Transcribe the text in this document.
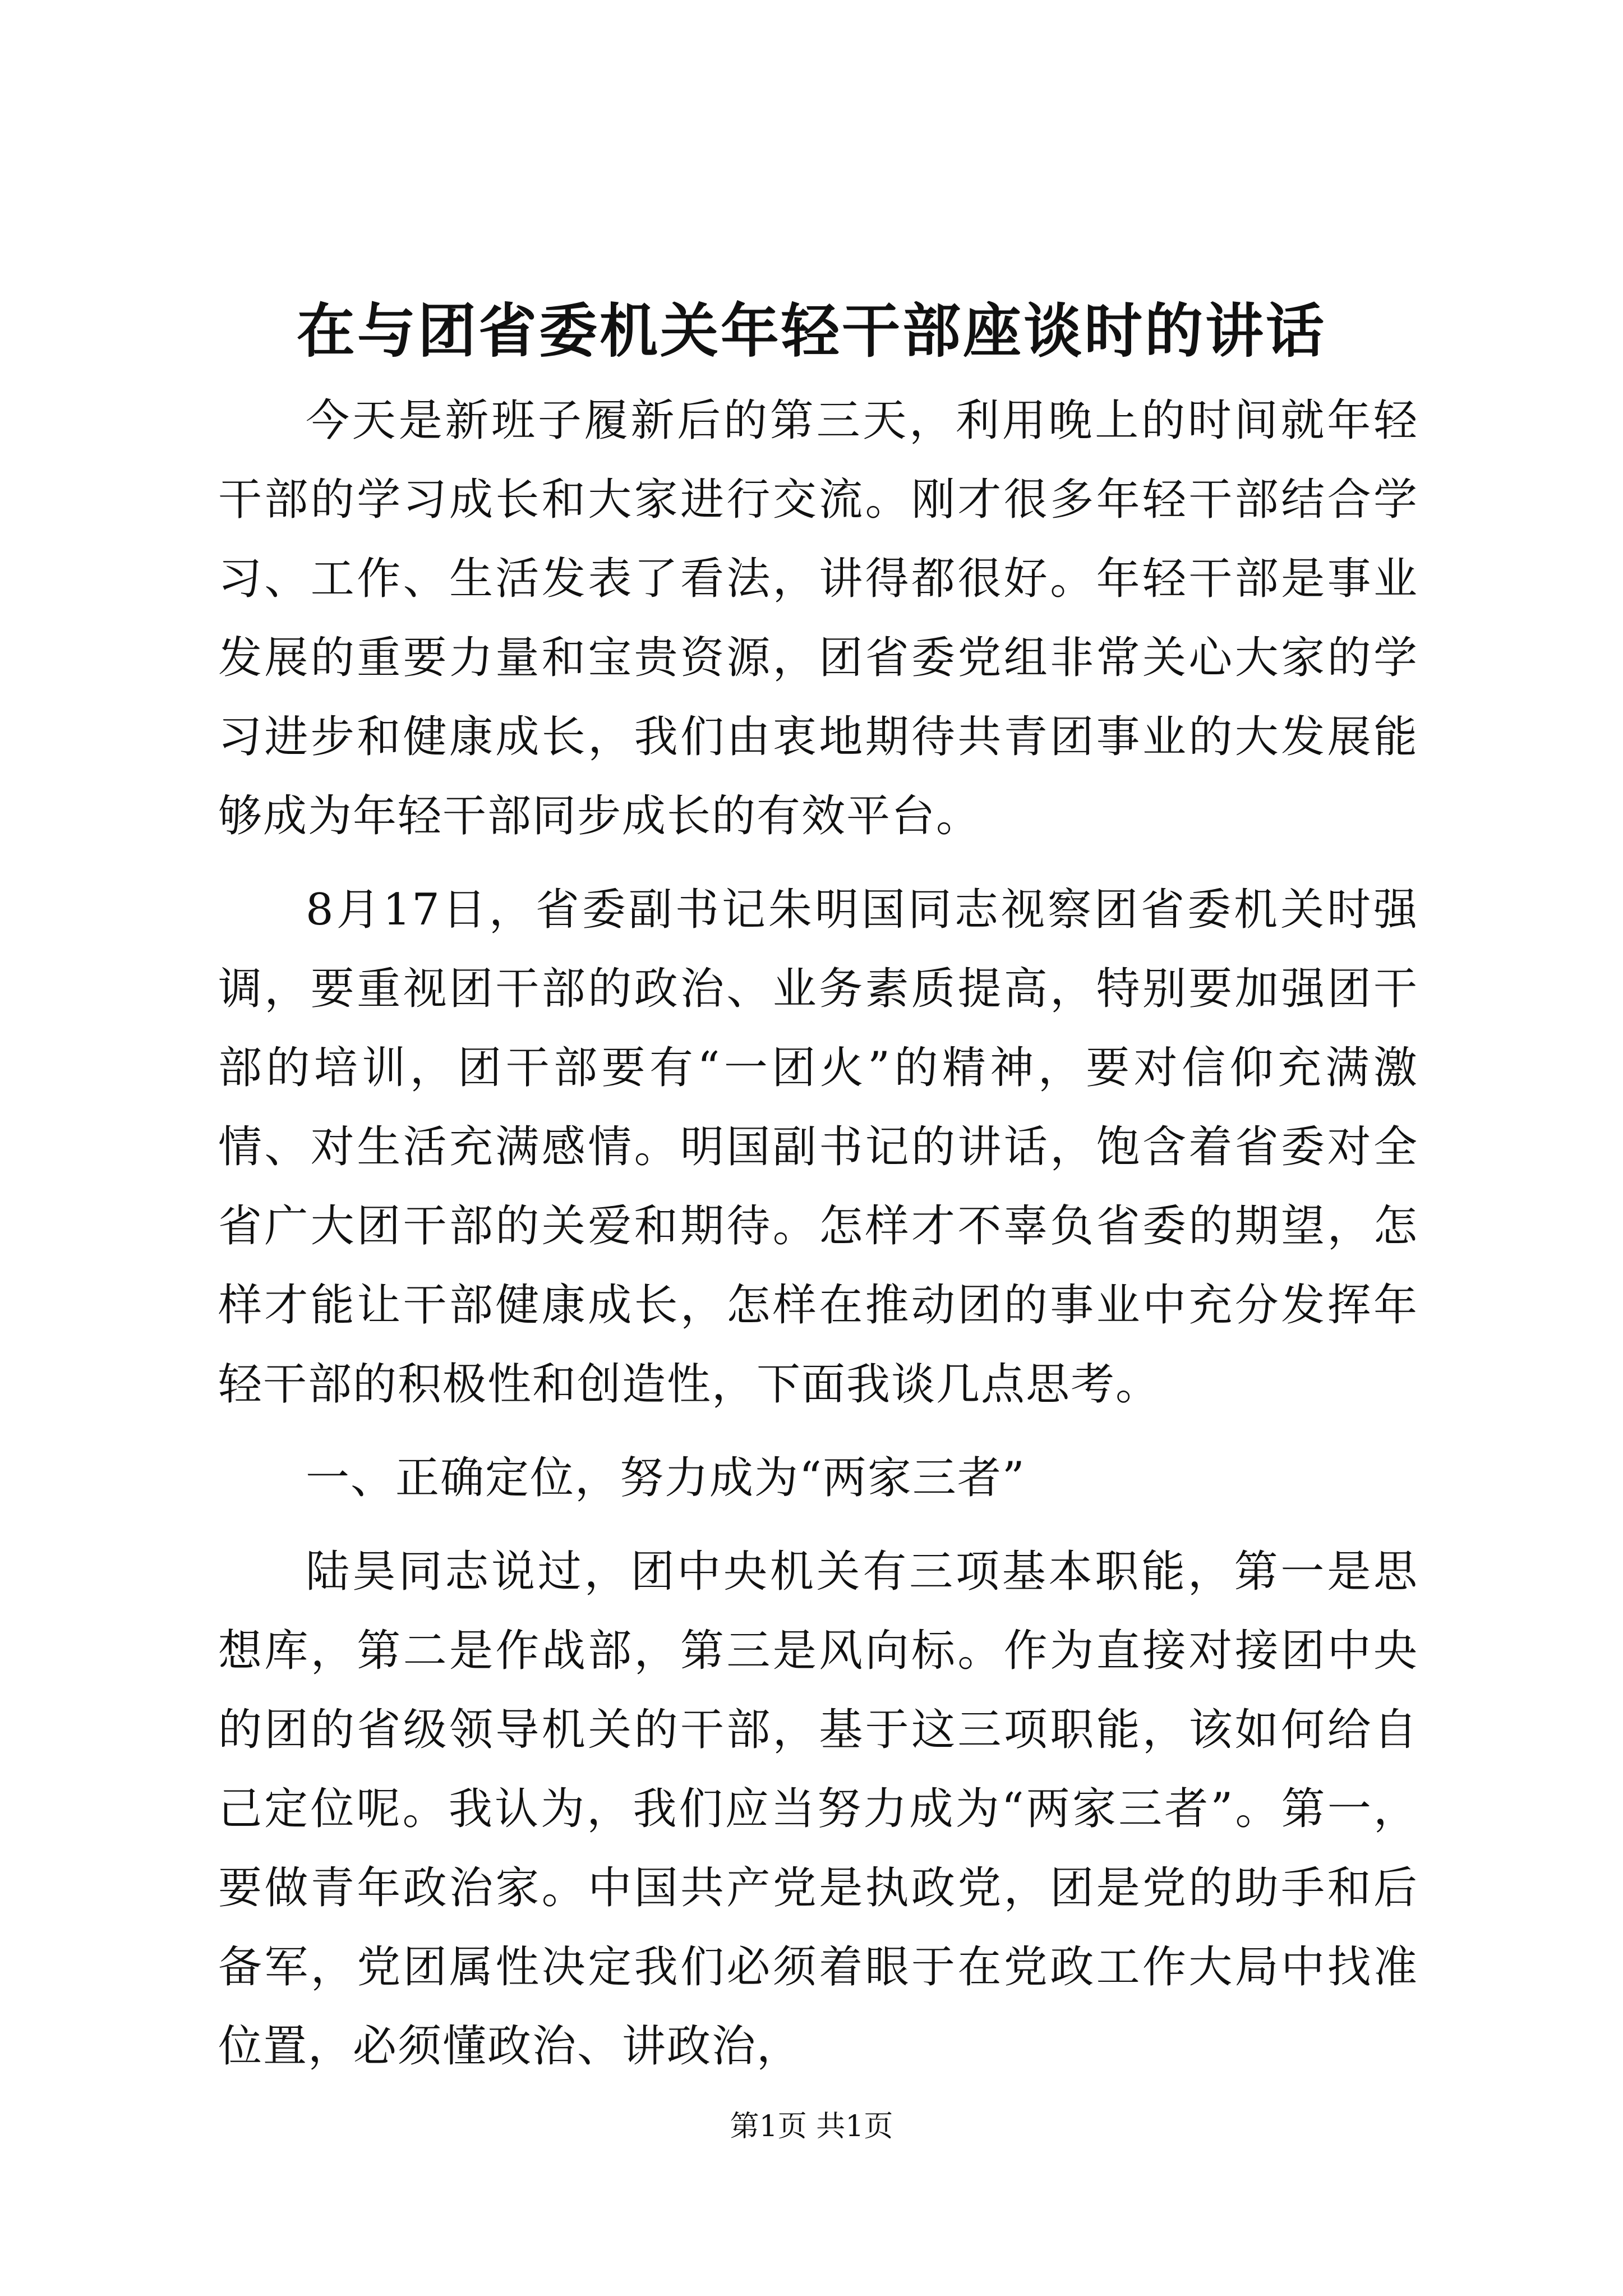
在与团省委机关年轻干部座谈时的讲话

今天是新班子履新后的第三天，利用晚上的时间就年轻干部的学习成长和大家进行交流。刚才很多年轻干部结合学习、工作、生活发表了看法，讲得都很好。年轻干部是事业发展的重要力量和宝贵资源，团省委党组非常关心大家的学习进步和健康成长，我们由衷地期待共青团事业的大发展能够成为年轻干部同步成长的有效平台。

8月17日，省委副书记朱明国同志视察团省委机关时强调，要重视团干部的政治、业务素质提高，特别要加强团干部的培训，团干部要有“一团火”的精神，要对信仰充满激情、对生活充满感情。明国副书记的讲话，饱含着省委对全省广大团干部的关爱和期待。怎样才不辜负省委的期望，怎样才能让干部健康成长，怎样在推动团的事业中充分发挥年轻干部的积极性和创造性，下面我谈几点思考。

一、正确定位，努力成为“两家三者”

陆昊同志说过，团中央机关有三项基本职能，第一是思想库，第二是作战部，第三是风向标。作为直接对接团中央的团的省级领导机关的干部，基于这三项职能，该如何给自己定位呢。我认为，我们应当努力成为“两家三者”。第一，要做青年政治家。中国共产党是执政党，团是党的助手和后备军，党团属性决定我们必须着眼于在党政工作大局中找准位置，必须懂政治、讲政治，

第1页 共1页
